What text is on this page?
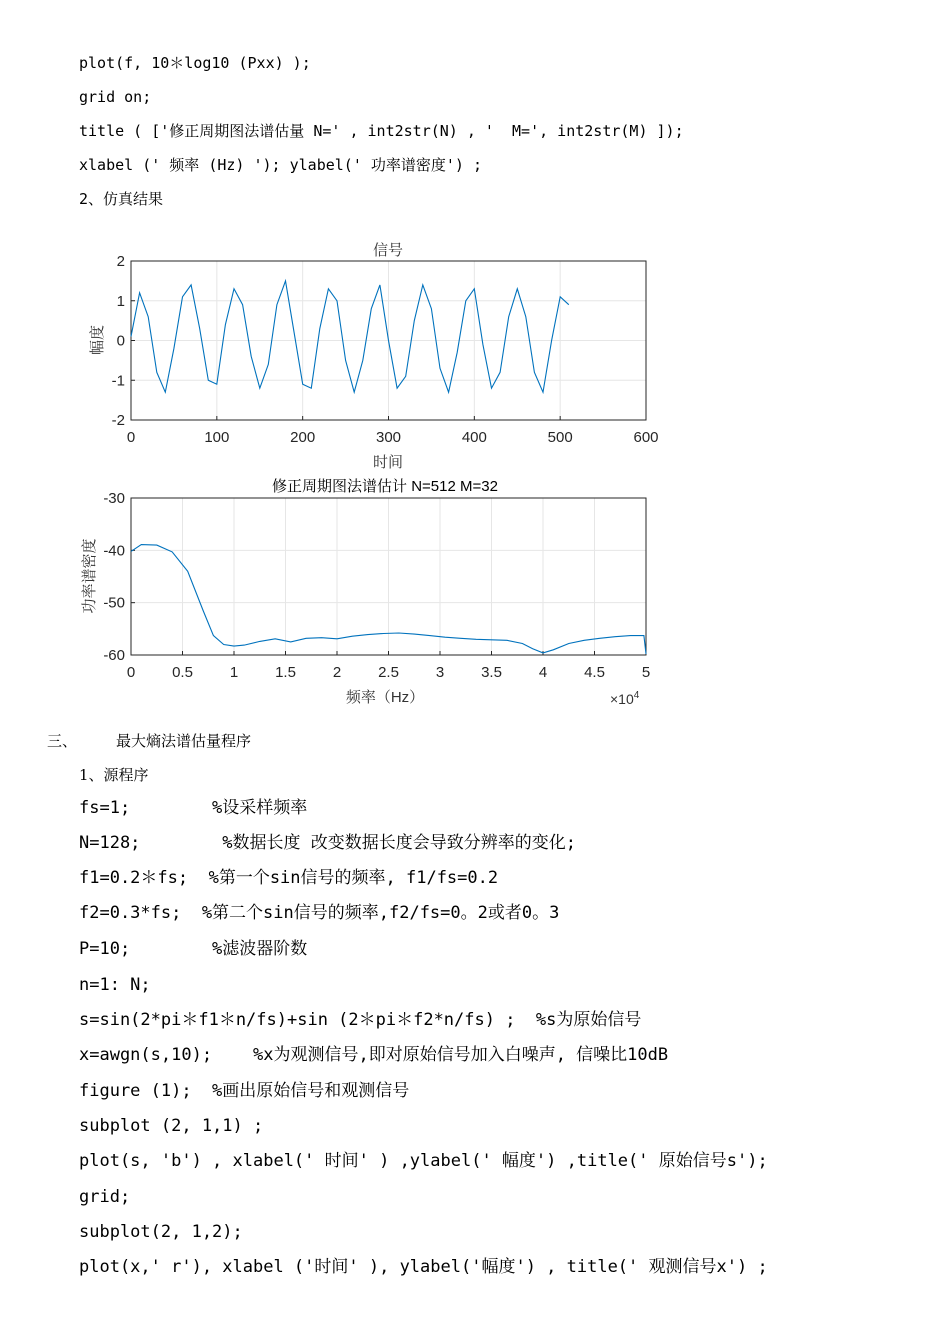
plot(f, 10＊log10 (Pxx) );
grid on;
title ( ['修正周期图法谱估量 N=' , int2str(N) , '  M=', int2str(M) ]);
xlabel (' 频率 (Hz) '); ylabel(' 功率谱密度') ;
2、仿真结果
信号
0	100	200	300	400	500	600
2
1
0
-1
-2
时间
幅度
修正周期图法谱估计 N=512 M=32
0 0.5 1 1.5 2 2.5 3 3.5 4 4.5 5
-30
-40
-50
-60
频率（Hz）
功率谱密度
$\times 10^4$
三、	最大熵法谱估量程序
1、源程序
fs=1;        %设采样频率
N=128;        %数据长度 改变数据长度会导致分辨率的变化;
f1=0.2＊fs;  %第一个sin信号的频率, f1/fs=0.2
f2=0.3*fs;  %第二个sin信号的频率,f2/fs=0。2或者0。3
P=10;        %滤波器阶数
n=1: N;
s=sin(2*pi＊f1＊n/fs)+sin (2＊pi＊f2*n/fs) ;  %s为原始信号
x=awgn(s,10);    %x为观测信号,即对原始信号加入白噪声, 信噪比10dB
figure (1);  %画出原始信号和观测信号
subplot (2, 1,1) ;
plot(s, 'b') , xlabel(' 时间' ) ,ylabel(' 幅度') ,title(' 原始信号s');
grid;
subplot(2, 1,2);
plot(x,' r'), xlabel ('时间' ), ylabel('幅度') , title(' 观测信号x') ;
